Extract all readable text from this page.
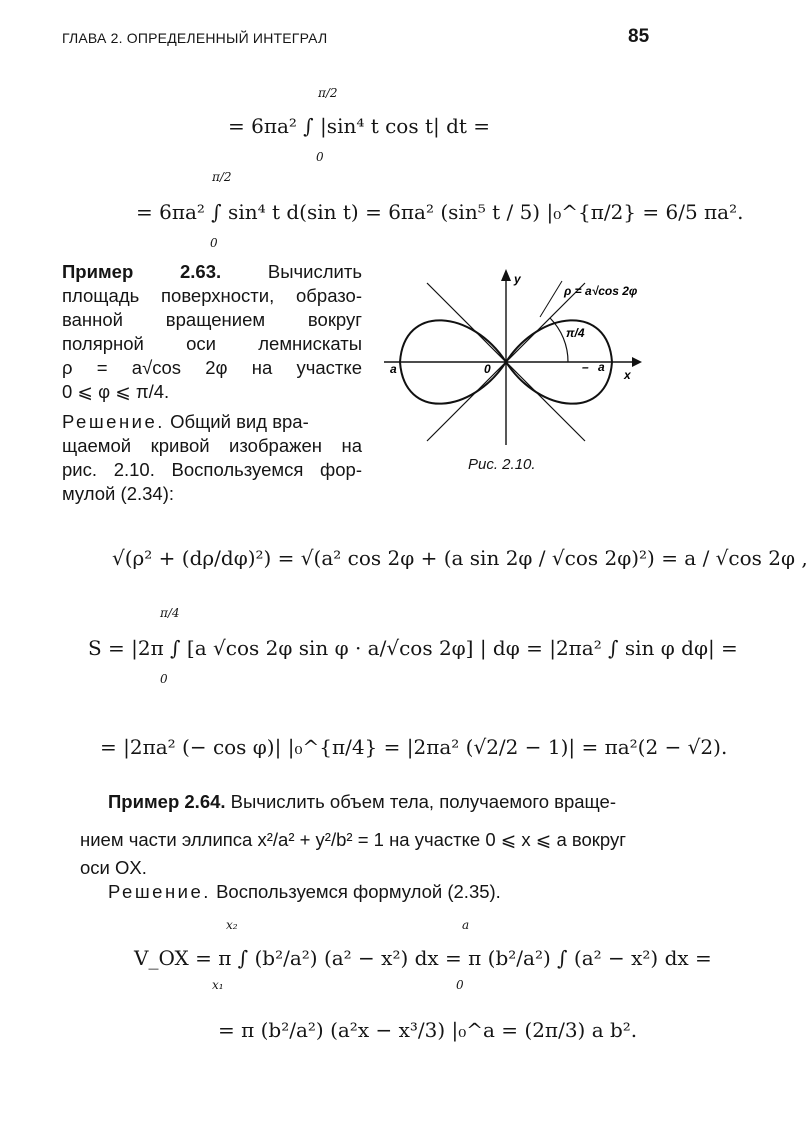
ГЛАВА 2. ОПРЕДЕЛЕННЫЙ ИНТЕГРАЛ	85
π/2
= 6πa² ∫ |sin⁴ t cos t| dt =
0
π/2
= 6πa² ∫ sin⁴ t d(sin t) = 6πa² (sin⁵ t / 5) |₀^{π/2} = 6/5 πa².
0
Пример 2.63.	Вычислить
площадь поверхности, образо-
ванной вращением вокруг
полярной оси лемнискаты
ρ = a√cos 2φ на участке
0 ⩽ φ ⩽ π/4.
Решение. Общий вид вра-
щаемой кривой изображен на
рис. 2.10. Воспользуемся фор-
мулой (2.34):
y
x
a	– a
0
π/4
ρ = a√cos 2φ
Рис. 2.10.
√(ρ² + (dρ/dφ)²) = √(a² cos 2φ + (a sin 2φ / √cos 2φ)²) = a / √cos 2φ ,
π/4
S = |2π ∫ [a √cos 2φ sin φ · a/√cos 2φ] | dφ = |2πa² ∫ sin φ dφ| =
0
= |2πa² (− cos φ)| |₀^{π/4} = |2πa² (√2/2 − 1)| = πa²(2 − √2).
Пример 2.64. Вычислить объем тела, получаемого враще-
нием части эллипса x²/a² + y²/b² = 1 на участке 0 ⩽ x ⩽ a вокруг
оси OX.
Решение. Воспользуемся формулой (2.35).
x₂	a
V_OX = π ∫ (b²/a²) (a² − x²) dx = π (b²/a²) ∫ (a² − x²) dx =
x₁	0
= π (b²/a²) (a²x − x³/3) |₀^a = (2π/3) a b².
